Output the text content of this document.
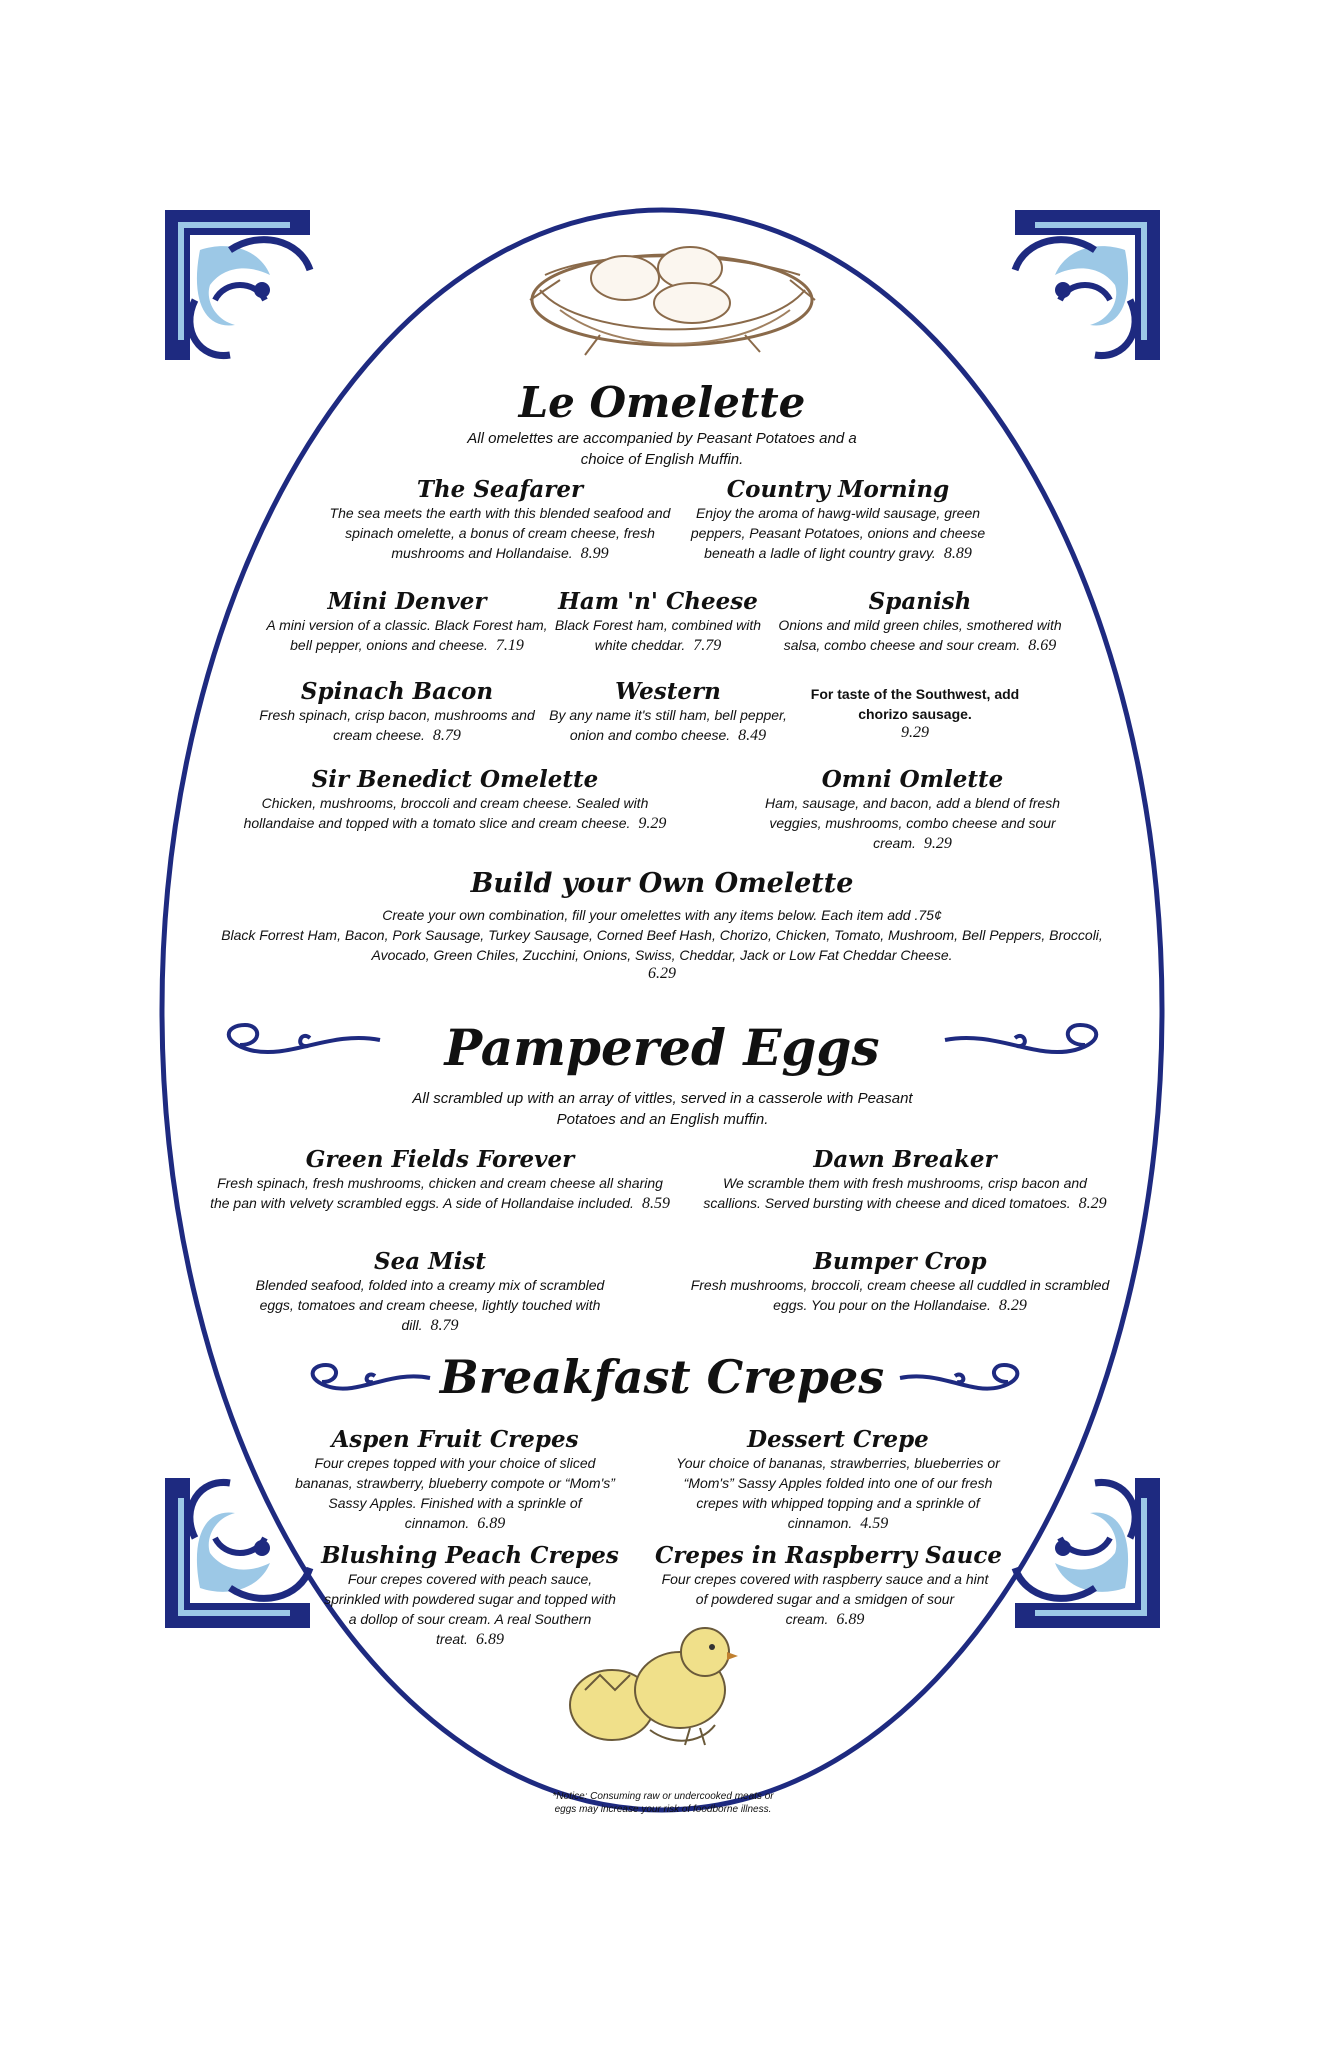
Le Omelette
All omelettes are accompanied by Peasant Potatoes and a choice of English Muffin.
The Seafarer
The sea meets the earth with this blended seafood and spinach omelette, a bonus of cream cheese, fresh mushrooms and Hollandaise. 8.99
Country Morning
Enjoy the aroma of hawg-wild sausage, green peppers, Peasant Potatoes, onions and cheese beneath a ladle of light country gravy. 8.89
Mini Denver
A mini version of a classic. Black Forest ham, bell pepper, onions and cheese. 7.19
Ham 'n' Cheese
Black Forest ham, combined with white cheddar. 7.79
Spanish
Onions and mild green chiles, smothered with salsa, combo cheese and sour cream. 8.69
Spinach Bacon
Fresh spinach, crisp bacon, mushrooms and cream cheese. 8.79
Western
By any name it's still ham, bell pepper, onion and combo cheese. 8.49
For taste of the Southwest, add chorizo sausage.
9.29
Sir Benedict Omelette
Chicken, mushrooms, broccoli and cream cheese. Sealed with hollandaise and topped with a tomato slice and cream cheese. 9.29
Omni Omlette
Ham, sausage, and bacon, add a blend of fresh veggies, mushrooms, combo cheese and sour cream. 9.29
Build your Own Omelette
Create your own combination, fill your omelettes with any items below. Each item add .75¢
Black Forrest Ham, Bacon, Pork Sausage, Turkey Sausage, Corned Beef Hash, Chorizo, Chicken, Tomato, Mushroom, Bell Peppers, Broccoli,
Avocado, Green Chiles, Zucchini, Onions, Swiss, Cheddar, Jack or Low Fat Cheddar Cheese.
6.29
Pampered Eggs
All scrambled up with an array of vittles, served in a casserole with Peasant Potatoes and an English muffin.
Green Fields Forever
Fresh spinach, fresh mushrooms, chicken and cream cheese all sharing the pan with velvety scrambled eggs. A side of Hollandaise included. 8.59
Dawn Breaker
We scramble them with fresh mushrooms, crisp bacon and scallions. Served bursting with cheese and diced tomatoes. 8.29
Sea Mist
Blended seafood, folded into a creamy mix of scrambled eggs, tomatoes and cream cheese, lightly touched with dill. 8.79
Bumper Crop
Fresh mushrooms, broccoli, cream cheese all cuddled in scrambled eggs. You pour on the Hollandaise. 8.29
Breakfast Crepes
Aspen Fruit Crepes
Four crepes topped with your choice of sliced bananas, strawberry, blueberry compote or “Mom's” Sassy Apples. Finished with a sprinkle of cinnamon. 6.89
Dessert Crepe
Your choice of bananas, strawberries, blueberries or “Mom's” Sassy Apples folded into one of our fresh crepes with whipped topping and a sprinkle of cinnamon. 4.59
Blushing Peach Crepes
Four crepes covered with peach sauce, sprinkled with powdered sugar and topped with a dollop of sour cream. A real Southern treat. 6.89
Crepes in Raspberry Sauce
Four crepes covered with raspberry sauce and a hint of powdered sugar and a smidgen of sour cream. 6.89
*Notice: Consuming raw or undercooked meats or eggs may increase your risk of foodborne illness.
